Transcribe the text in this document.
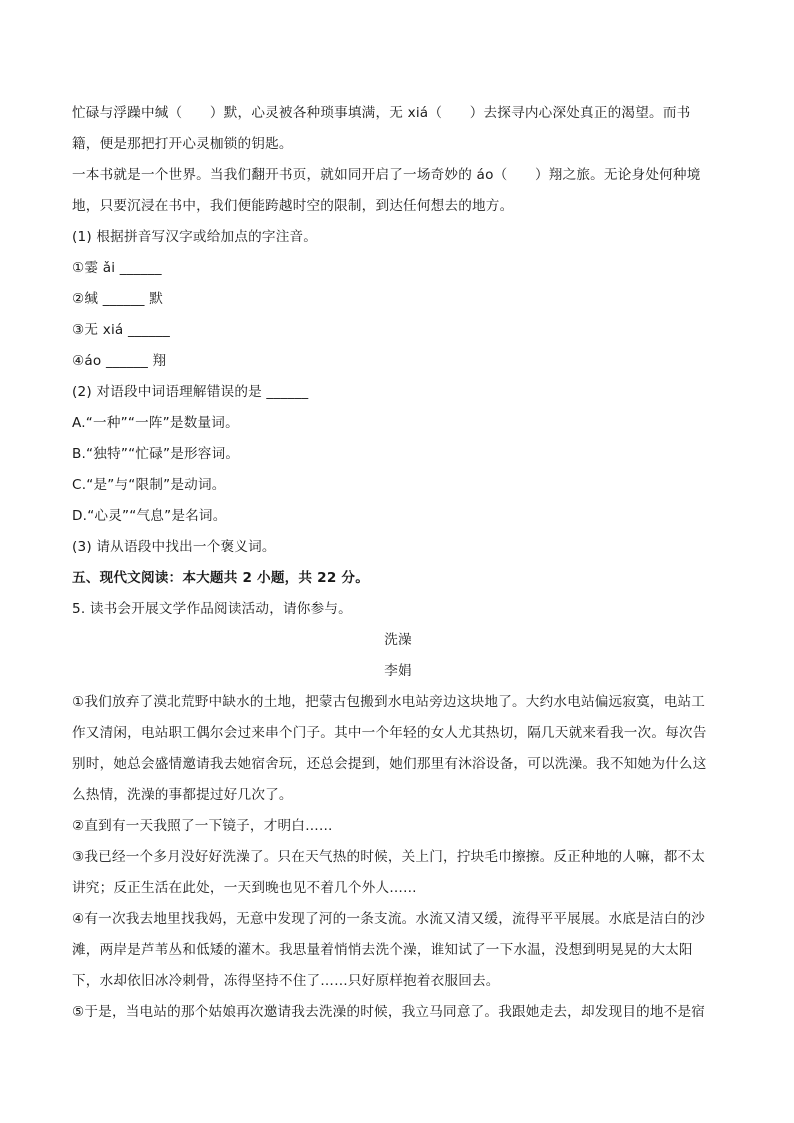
忙碌与浮躁中缄（　　）默，心灵被各种琐事填满，无 xiá（　　）去探寻内心深处真正的渴望。而书
籍，便是那把打开心灵枷锁的钥匙。
一本书就是一个世界。当我们翻开书页，就如同开启了一场奇妙的 áo（　　）翔之旅。无论身处何种境
地，只要沉浸在书中，我们便能跨越时空的限制，到达任何想去的地方。
(1) 根据拼音写汉字或给加点的字注音。
①霎 ǎi ______
②缄 ______ 默
③无 xiá ______
④áo ______ 翔
(2) 对语段中词语理解错误的是 ______
A.“一种”“一阵”是数量词。
B.“独特”“忙碌”是形容词。
C.“是”与“限制”是动词。
D.“心灵”“气息”是名词。
(3) 请从语段中找出一个褒义词。
五、现代文阅读：本大题共 2 小题，共 22 分。
5. 读书会开展文学作品阅读活动，请你参与。
洗澡
李娟
①我们放弃了漠北荒野中缺水的土地，把蒙古包搬到水电站旁边这块地了。大约水电站偏远寂寞，电站工
作又清闲，电站职工偶尔会过来串个门子。其中一个年轻的女人尤其热切，隔几天就来看我一次。每次告
别时，她总会盛情邀请我去她宿舍玩，还总会提到，她们那里有沐浴设备，可以洗澡。我不知她为什么这
么热情，洗澡的事都提过好几次了。
②直到有一天我照了一下镜子，才明白……
③我已经一个多月没好好洗澡了。只在天气热的时候，关上门，拧块毛巾擦擦。反正种地的人嘛，都不太
讲究；反正生活在此处，一天到晚也见不着几个外人……
④有一次我去地里找我妈，无意中发现了河的一条支流。水流又清又缓，流得平平展展。水底是洁白的沙
滩，两岸是芦苇丛和低矮的灌木。我思量着悄悄去洗个澡，谁知试了一下水温，没想到明晃晃的大太阳
下，水却依旧冰冷刺骨，冻得坚持不住了……只好原样抱着衣服回去。
⑤于是，当电站的那个姑娘再次邀请我去洗澡的时候，我立马同意了。我跟她走去，却发现目的地不是宿
